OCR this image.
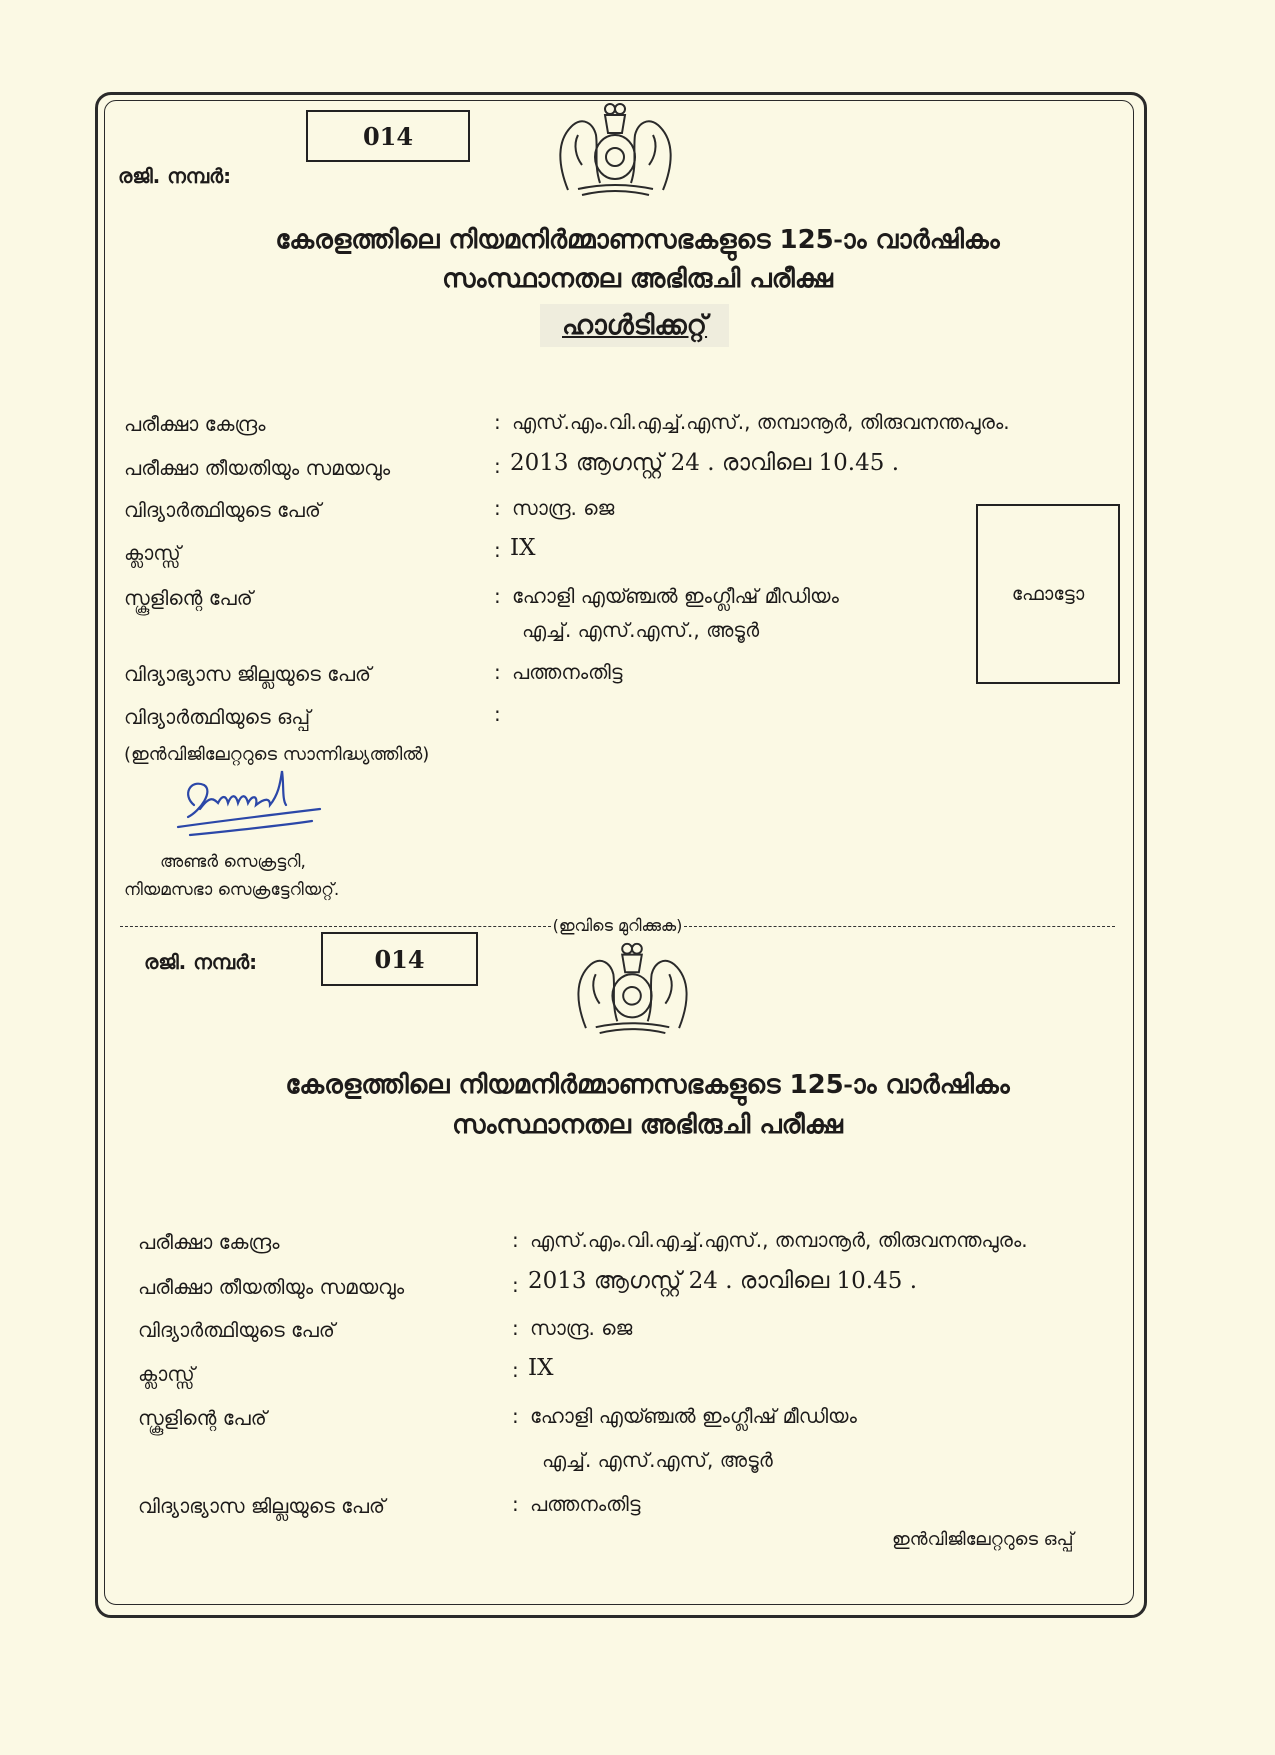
രജി. നമ്പർ:
014
കേരളത്തിലെ നിയമനിർമ്മാണസഭകളുടെ 125-ാം വാർഷികം
സംസ്ഥാനതല അഭിരുചി പരീക്ഷ
ഹാൾടിക്കറ്റ്
പരീക്ഷാ കേന്ദ്രം	: എസ്.എം.വി.എച്ച്.എസ്., തമ്പാനൂർ, തിരുവനന്തപുരം.
പരീക്ഷാ തീയതിയും സമയവും	: 2013 ആഗസ്റ്റ് 24 . രാവിലെ 10.45 .
വിദ്യാർത്ഥിയുടെ പേര്	: സാന്ദ്ര. ജെ
ക്ലാസ്സ്	: IX
സ്കൂളിന്റെ പേര്	: ഹോളി എയ്ഞ്ചൽ ഇംഗ്ലീഷ് മീഡിയം
എച്ച്. എസ്.എസ്., അടൂർ
വിദ്യാഭ്യാസ ജില്ലയുടെ പേര്	: പത്തനംതിട്ട
വിദ്യാർത്ഥിയുടെ ഒപ്പ്	:
(ഇൻവിജിലേറ്ററുടെ സാന്നിദ്ധ്യത്തിൽ)
ഫോട്ടോ
അണ്ടർ സെക്രട്ടറി,
നിയമസഭാ സെക്രട്ടേറിയറ്റ്.
(ഇവിടെ മുറിക്കുക)
രജി. നമ്പർ:	014
കേരളത്തിലെ നിയമനിർമ്മാണസഭകളുടെ 125-ാം വാർഷികം
സംസ്ഥാനതല അഭിരുചി പരീക്ഷ
പരീക്ഷാ കേന്ദ്രം	: എസ്.എം.വി.എച്ച്.എസ്., തമ്പാനൂർ, തിരുവനന്തപുരം.
പരീക്ഷാ തീയതിയും സമയവും	: 2013 ആഗസ്റ്റ് 24 . രാവിലെ 10.45 .
വിദ്യാർത്ഥിയുടെ പേര്	: സാന്ദ്ര. ജെ
ക്ലാസ്സ്	: IX
സ്കൂളിന്റെ പേര്	: ഹോളി എയ്ഞ്ചൽ ഇംഗ്ലീഷ് മീഡിയം
എച്ച്. എസ്.എസ്, അടൂർ
വിദ്യാഭ്യാസ ജില്ലയുടെ പേര്	: പത്തനംതിട്ട
ഇൻവിജിലേറ്ററുടെ ഒപ്പ്
